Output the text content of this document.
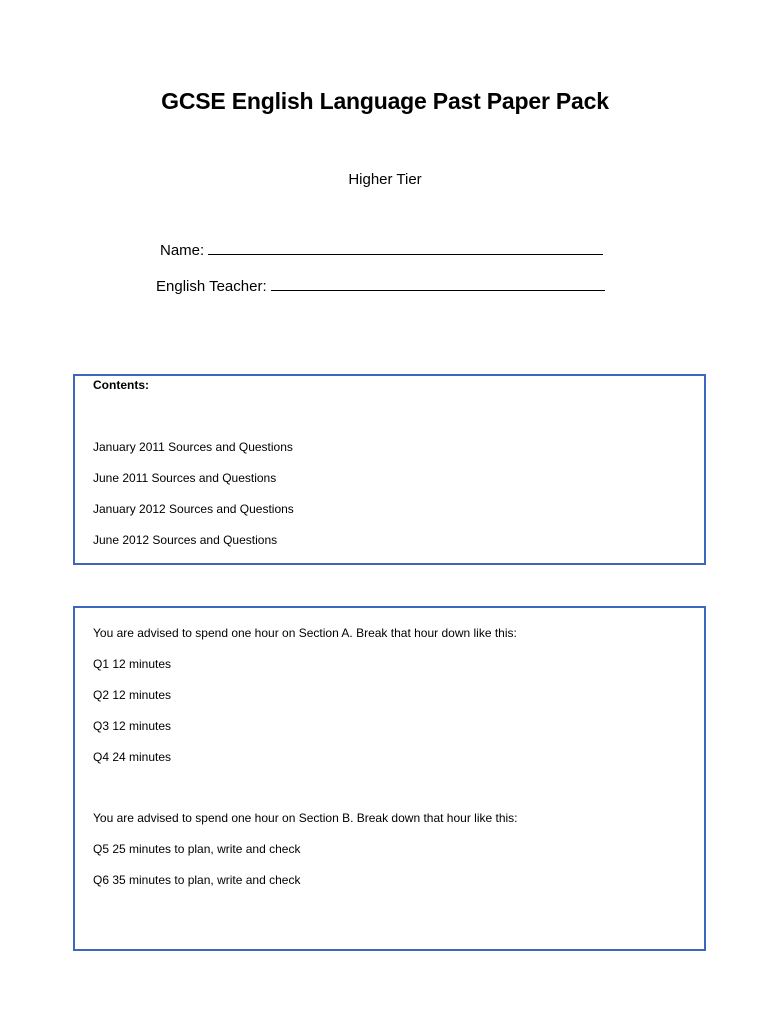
GCSE English Language Past Paper Pack
Higher Tier
Name:
English Teacher:
Contents:
January 2011 Sources and Questions
June 2011 Sources and Questions
January 2012 Sources and Questions
June 2012 Sources and Questions
You are advised to spend one hour on Section A. Break that hour down like this:
Q1 12 minutes
Q2 12 minutes
Q3 12 minutes
Q4 24 minutes
You are advised to spend one hour on Section B. Break down that hour like this:
Q5 25 minutes to plan, write and check
Q6 35 minutes to plan, write and check
